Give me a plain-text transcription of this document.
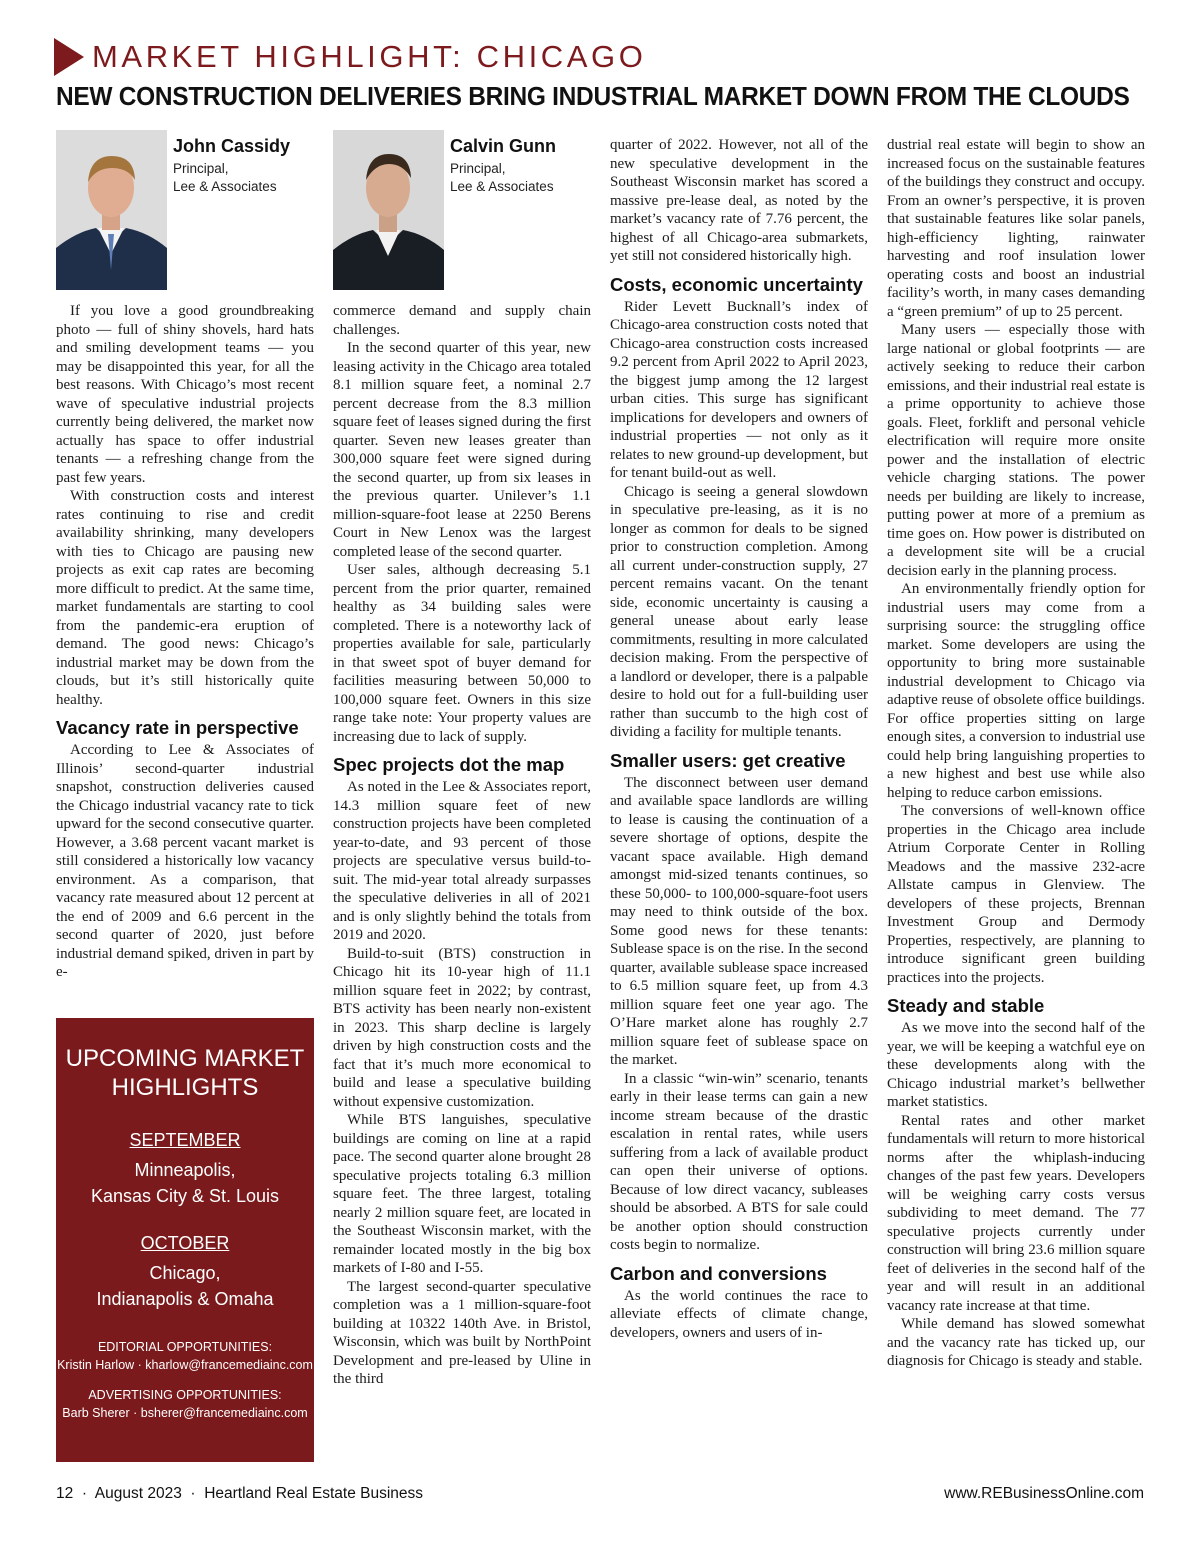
MARKET HIGHLIGHT: CHICAGO
NEW CONSTRUCTION DELIVERIES BRING INDUSTRIAL MARKET DOWN FROM THE CLOUDS
John Cassidy
Principal,
Lee & Associates
Calvin Gunn
Principal,
Lee & Associates

If you love a good groundbreaking photo — full of shiny shovels, hard hats and smiling development teams — you may be disappointed this year, for all the best reasons. With Chicago’s most recent wave of speculative industrial projects currently being delivered, the market now actually has space to offer industrial tenants — a refreshing change from the past few years.

With construction costs and interest rates continuing to rise and credit availability shrinking, many developers with ties to Chicago are pausing new projects as exit cap rates are becoming more difficult to predict. At the same time, market fundamentals are starting to cool from the pandemic-era eruption of demand. The good news: Chicago’s industrial market may be down from the clouds, but it’s still historically quite healthy.

Vacancy rate in perspective

According to Lee & Associates of Illinois’ second-quarter industrial snapshot, construction deliveries caused the Chicago industrial vacancy rate to tick upward for the second consecutive quarter. However, a 3.68 percent vacant market is still considered a historically low vacancy environment. As a comparison, that vacancy rate measured about 12 percent at the end of 2009 and 6.6 percent in the second quarter of 2020, just before industrial demand spiked, driven in part by e-

UPCOMING MARKET
HIGHLIGHTS
SEPTEMBER
Minneapolis,
Kansas City & St. Louis
OCTOBER
Chicago,
Indianapolis & Omaha
EDITORIAL OPPORTUNITIES:
Kristin Harlow · kharlow@francemediainc.com
ADVERTISING OPPORTUNITIES:
Barb Sherer · bsherer@francemediainc.com

commerce demand and supply chain challenges.

In the second quarter of this year, new leasing activity in the Chicago area totaled 8.1 million square feet, a nominal 2.7 percent decrease from the 8.3 million square feet of leases signed during the first quarter. Seven new leases greater than 300,000 square feet were signed during the second quarter, up from six leases in the previous quarter. Unilever’s 1.1 million-square-foot lease at 2250 Berens Court in New Lenox was the largest completed lease of the second quarter.

User sales, although decreasing 5.1 percent from the prior quarter, remained healthy as 34 building sales were completed. There is a noteworthy lack of properties available for sale, particularly in that sweet spot of buyer demand for facilities measuring between 50,000 to 100,000 square feet. Owners in this size range take note: Your property values are increasing due to lack of supply.

Spec projects dot the map

As noted in the Lee & Associates report, 14.3 million square feet of new construction projects have been completed year-to-date, and 93 percent of those projects are speculative versus build-to-suit. The mid-year total already surpasses the speculative deliveries in all of 2021 and is only slightly behind the totals from 2019 and 2020.

Build-to-suit (BTS) construction in Chicago hit its 10-year high of 11.1 million square feet in 2022; by contrast, BTS activity has been nearly non-existent in 2023. This sharp decline is largely driven by high construction costs and the fact that it’s much more economical to build and lease a speculative building without expensive customization.

While BTS languishes, speculative buildings are coming on line at a rapid pace. The second quarter alone brought 28 speculative projects totaling 6.3 million square feet. The three largest, totaling nearly 2 million square feet, are located in the Southeast Wisconsin market, with the remainder located mostly in the big box markets of I-80 and I-55.

The largest second-quarter speculative completion was a 1 million-square-foot building at 10322 140th Ave. in Bristol, Wisconsin, which was built by NorthPoint Development and pre-leased by Uline in the third

quarter of 2022. However, not all of the new speculative development in the Southeast Wisconsin market has scored a massive pre-lease deal, as noted by the market’s vacancy rate of 7.76 percent, the highest of all Chicago-area submarkets, yet still not considered historically high.

Costs, economic uncertainty

Rider Levett Bucknall’s index of Chicago-area construction costs noted that Chicago-area construction costs increased 9.2 percent from April 2022 to April 2023, the biggest jump among the 12 largest urban cities. This surge has significant implications for developers and owners of industrial properties — not only as it relates to new ground-up development, but for tenant build-out as well.

Chicago is seeing a general slowdown in speculative pre-leasing, as it is no longer as common for deals to be signed prior to construction completion. Among all current under-construction supply, 27 percent remains vacant. On the tenant side, economic uncertainty is causing a general unease about early lease commitments, resulting in more calculated decision making. From the perspective of a landlord or developer, there is a palpable desire to hold out for a full-building user rather than succumb to the high cost of dividing a facility for multiple tenants.

Smaller users: get creative

The disconnect between user demand and available space landlords are willing to lease is causing the continuation of a severe shortage of options, despite the vacant space available. High demand amongst mid-sized tenants continues, so these 50,000- to 100,000-square-foot users may need to think outside of the box. Some good news for these tenants: Sublease space is on the rise. In the second quarter, available sublease space increased to 6.5 million square feet, up from 4.3 million square feet one year ago. The O’Hare market alone has roughly 2.7 million square feet of sublease space on the market.

In a classic “win-win” scenario, tenants early in their lease terms can gain a new income stream because of the drastic escalation in rental rates, while users suffering from a lack of available product can open their universe of options. Because of low direct vacancy, subleases should be absorbed. A BTS for sale could be another option should construction costs begin to normalize.

Carbon and conversions

As the world continues the race to alleviate effects of climate change, developers, owners and users of in-

dustrial real estate will begin to show an increased focus on the sustainable features of the buildings they construct and occupy. From an owner’s perspective, it is proven that sustainable features like solar panels, high-efficiency lighting, rainwater harvesting and roof insulation lower operating costs and boost an industrial facility’s worth, in many cases demanding a “green premium” of up to 25 percent.

Many users — especially those with large national or global footprints — are actively seeking to reduce their carbon emissions, and their industrial real estate is a prime opportunity to achieve those goals. Fleet, forklift and personal vehicle electrification will require more onsite power and the installation of electric vehicle charging stations. The power needs per building are likely to increase, putting power at more of a premium as time goes on. How power is distributed on a development site will be a crucial decision early in the planning process.

An environmentally friendly option for industrial users may come from a surprising source: the struggling office market. Some developers are using the opportunity to bring more sustainable industrial development to Chicago via adaptive reuse of obsolete office buildings. For office properties sitting on large enough sites, a conversion to industrial use could help bring languishing properties to a new highest and best use while also helping to reduce carbon emissions.

The conversions of well-known office properties in the Chicago area include Atrium Corporate Center in Rolling Meadows and the massive 232-acre Allstate campus in Glenview. The developers of these projects, Brennan Investment Group and Dermody Properties, respectively, are planning to introduce significant green building practices into the projects.

Steady and stable

As we move into the second half of the year, we will be keeping a watchful eye on these developments along with the Chicago industrial market’s bellwether market statistics.

Rental rates and other market fundamentals will return to more historical norms after the whiplash-inducing changes of the past few years. Developers will be weighing carry costs versus subdividing to meet demand. The 77 speculative projects currently under construction will bring 23.6 million square feet of deliveries in the second half of the year and will result in an additional vacancy rate increase at that time.

While demand has slowed somewhat and the vacancy rate has ticked up, our diagnosis for Chicago is steady and stable.

12  ·  August 2023  ·  Heartland Real Estate Business	www.REBusinessOnline.com
